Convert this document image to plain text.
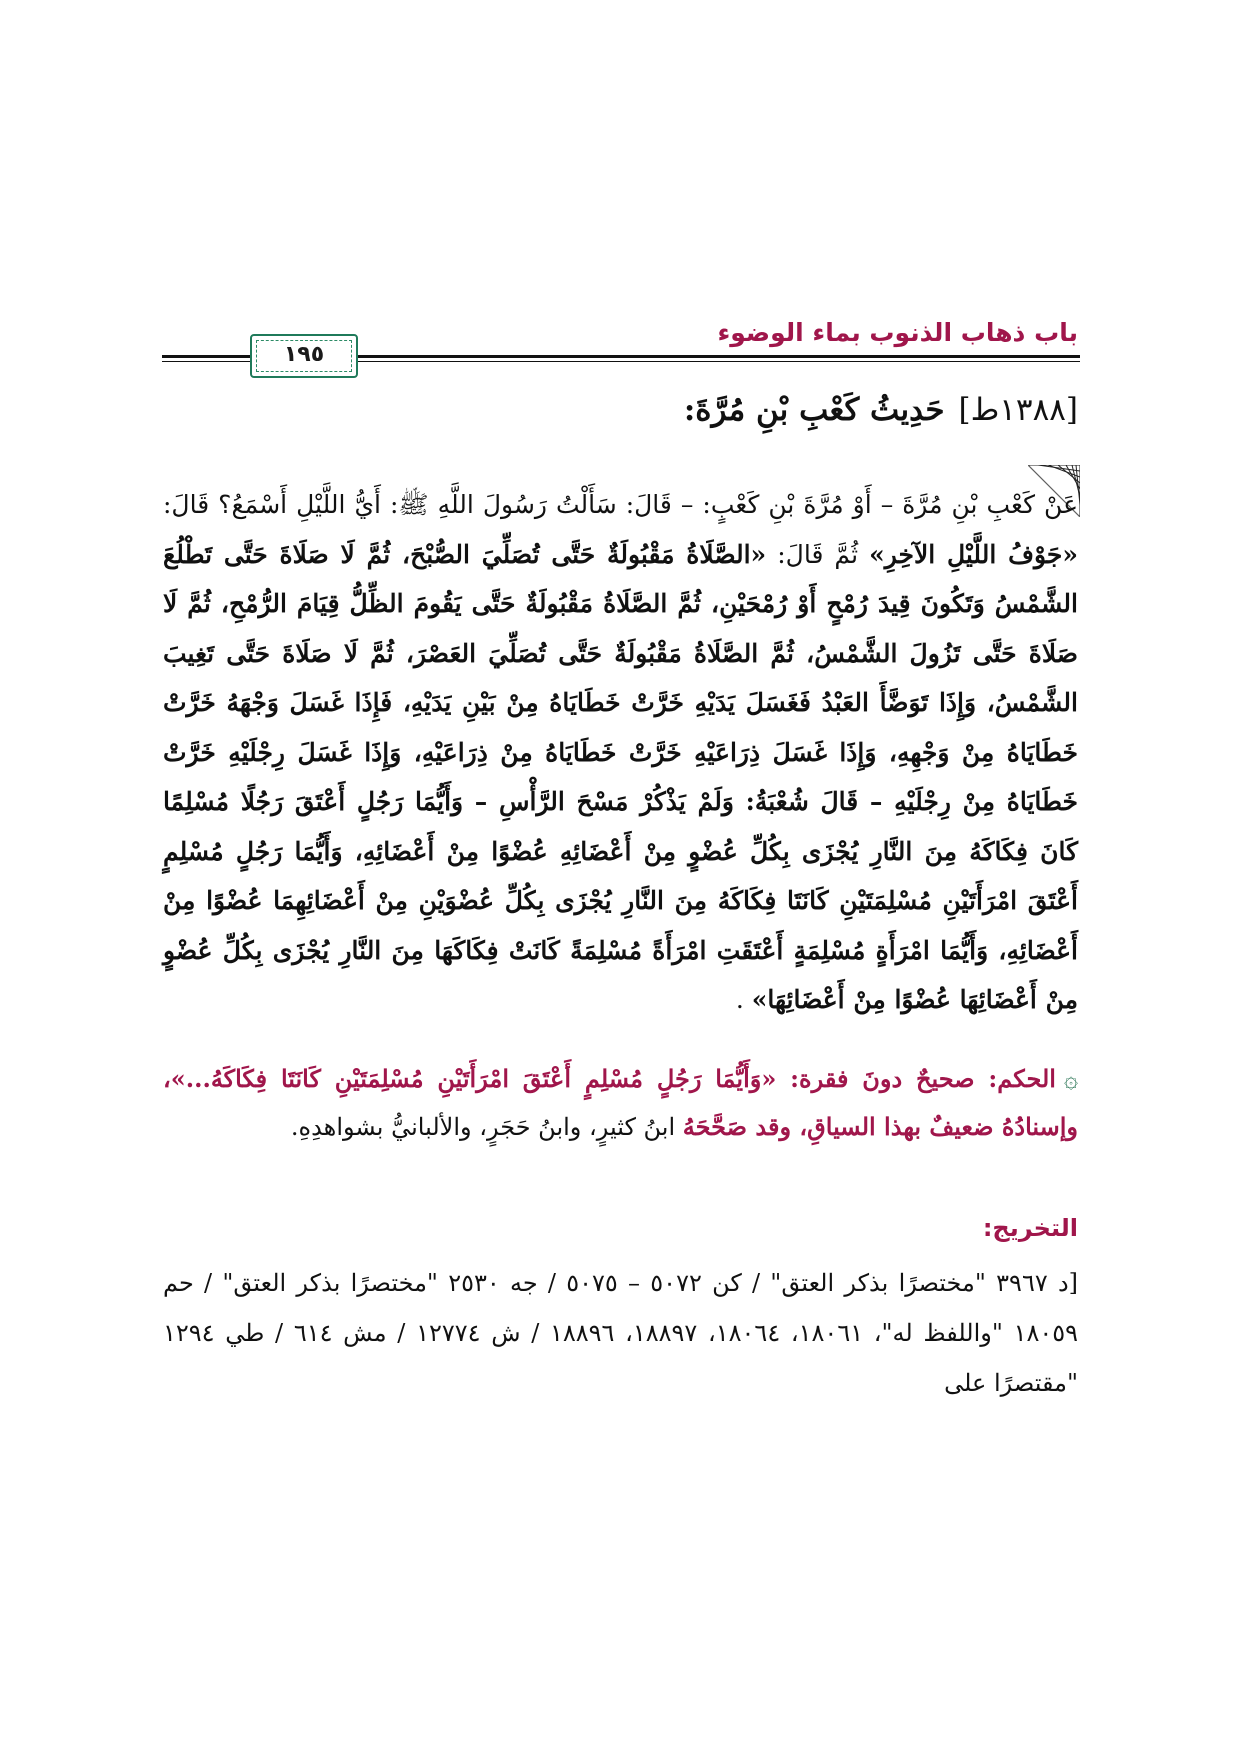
باب ذهاب الذنوب بماء الوضوء
١٩٥
[١٣٨٨ط]حَدِيثُ كَعْبِ بْنِ مُرَّةَ:
عَنْ كَعْبِ بْنِ مُرَّةَ – أَوْ مُرَّةَ بْنِ كَعْبٍ: – قَالَ: سَأَلْتُ رَسُولَ اللَّهِ ﷺ: أَيُّ اللَّيْلِ أَسْمَعُ؟ قَالَ: «جَوْفُ اللَّيْلِ الآخِرِ» ثُمَّ قَالَ: «الصَّلَاةُ مَقْبُولَةٌ حَتَّى تُصَلِّيَ الصُّبْحَ، ثُمَّ لَا صَلَاةَ حَتَّى تَطْلُعَ الشَّمْسُ وَتَكُونَ قِيدَ رُمْحٍ أَوْ رُمْحَيْنِ، ثُمَّ الصَّلَاةُ مَقْبُولَةٌ حَتَّى يَقُومَ الظِّلُّ قِيَامَ الرُّمْحِ، ثُمَّ لَا صَلَاةَ حَتَّى تَزُولَ الشَّمْسُ، ثُمَّ الصَّلَاةُ مَقْبُولَةٌ حَتَّى تُصَلِّيَ العَصْرَ، ثُمَّ لَا صَلَاةَ حَتَّى تَغِيبَ الشَّمْسُ، وَإِذَا تَوَضَّأَ العَبْدُ فَغَسَلَ يَدَيْهِ خَرَّتْ خَطَايَاهُ مِنْ بَيْنِ يَدَيْهِ، فَإِذَا غَسَلَ وَجْهَهُ خَرَّتْ خَطَايَاهُ مِنْ وَجْهِهِ، وَإِذَا غَسَلَ ذِرَاعَيْهِ خَرَّتْ خَطَايَاهُ مِنْ ذِرَاعَيْهِ، وَإِذَا غَسَلَ رِجْلَيْهِ خَرَّتْ خَطَايَاهُ مِنْ رِجْلَيْهِ – قَالَ شُعْبَةُ: وَلَمْ يَذْكُرْ مَسْحَ الرَّأْسِ – وَأَيُّمَا رَجُلٍ أَعْتَقَ رَجُلًا مُسْلِمًا كَانَ فِكَاكَهُ مِنَ النَّارِ يُجْزَى بِكُلِّ عُضْوٍ مِنْ أَعْضَائِهِ عُضْوًا مِنْ أَعْضَائِهِ، وَأَيُّمَا رَجُلٍ مُسْلِمٍ أَعْتَقَ امْرَأَتَيْنِ مُسْلِمَتَيْنِ كَانَتَا فِكَاكَهُ مِنَ النَّارِ يُجْزَى بِكُلِّ عُضْوَيْنِ مِنْ أَعْضَائِهِمَا عُضْوًا مِنْ أَعْضَائِهِ، وَأَيُّمَا امْرَأَةٍ مُسْلِمَةٍ أَعْتَقَتِ امْرَأَةً مُسْلِمَةً كَانَتْ فِكَاكَهَا مِنَ النَّارِ يُجْزَى بِكُلِّ عُضْوٍ مِنْ أَعْضَائِهَا عُضْوًا مِنْ أَعْضَائِهَا» .
۞الحكم: صحيحٌ دونَ فقرة: «وَأَيُّمَا رَجُلٍ مُسْلِمٍ أَعْتَقَ امْرَأَتَيْنِ مُسْلِمَتَيْنِ كَانَتَا فِكَاكَهُ...»، وإسنادُهُ ضعيفٌ بهذا السياقِ، وقد صَحَّحَهُ ابنُ كثيرٍ، وابنُ حَجَرٍ، والألبانيُّ بشواهدِهِ.
التخريج:
[د ٣٩٦٧ "مختصرًا بذكر العتق" / كن ٥٠٧٢ – ٥٠٧٥ / جه ٢٥٣٠ "مختصرًا بذكر العتق" / حم ١٨٠٥٩ "واللفظ له"، ١٨٠٦١، ١٨٠٦٤، ١٨٨٩٧، ١٨٨٩٦ / ش ١٢٧٧٤ / مش ٦١٤ / طي ١٢٩٤ "مقتصرًا على
